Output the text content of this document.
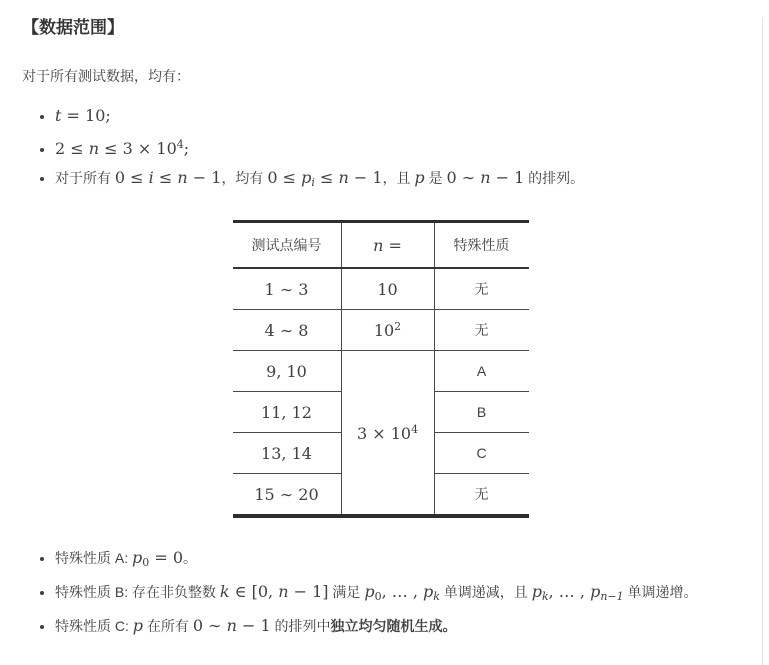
【数据范围】

对于所有测试数据，均有：

• t = 10;
• $2 \le n \le 3 \times 10^4$;
• 对于所有 0 ≤ i ≤ n − 1，均有 $0 \le p_i \le n - 1$，且 p 是 0 ∼ n − 1 的排列。
测试点编号	n =	特殊性质
1 ∼ 3	10	无
4 ∼ 8	$10^2$	无
9, 10	$3 \times 10^4$	A
11, 12		B
13, 14		C
15 ∼ 20		无
• 特殊性质 A: $p_0 = 0$。
• 特殊性质 B: 存在非负整数 k ∈ [0, n − 1] 满足 $p_0$, … , $p_k$ 单调递减，且 $p_k$, … , $p_{n-1}$ 单调递增。
• 特殊性质 C: p 在所有 0 ∼ n − 1 的排列中独立均匀随机生成。
